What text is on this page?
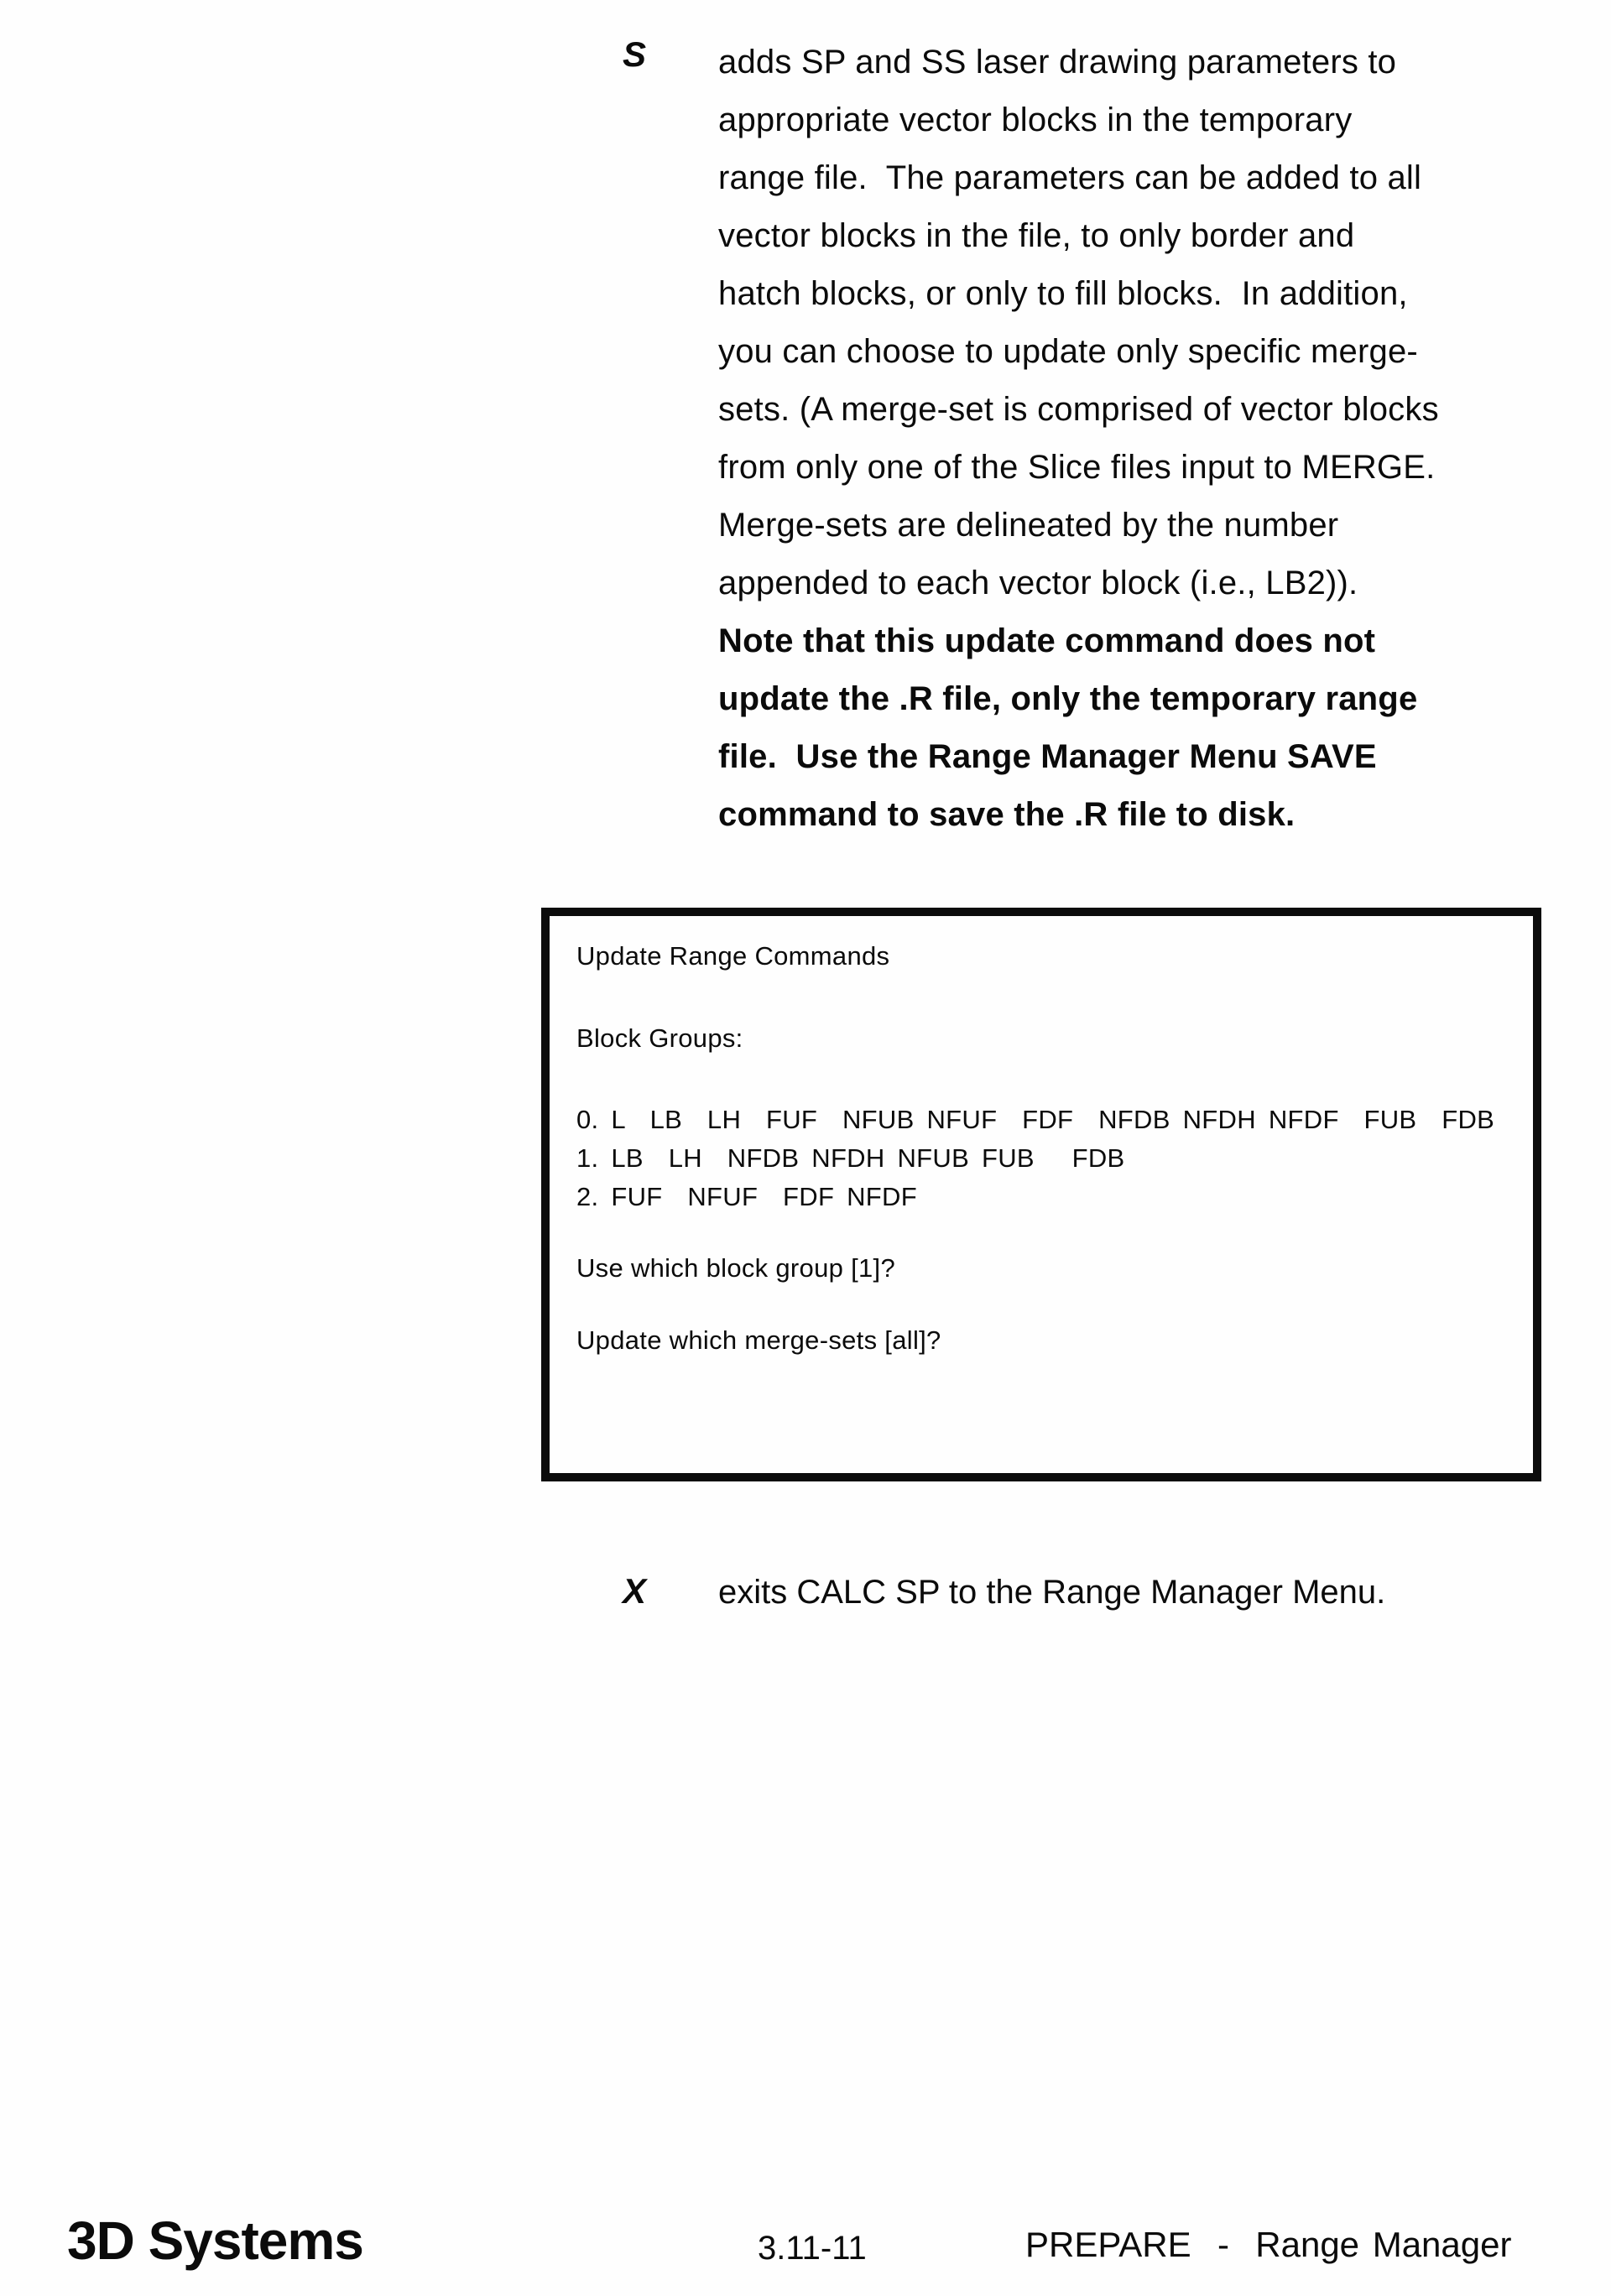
S adds SP and SS laser drawing parameters to
appropriate vector blocks in the temporary
range file.  The parameters can be added to all
vector blocks in the file, to only border and
hatch blocks, or only to fill blocks.  In addition,
you can choose to update only specific merge-
sets. (A merge-set is comprised of vector blocks
from only one of the Slice files input to MERGE.
Merge-sets are delineated by the number
appended to each vector block (i.e., LB2)).
Note that this update command does not
update the .R file, only the temporary range
file.  Use the Range Manager Menu SAVE
command to save the .R file to disk.
Update Range Commands
Block Groups:
0. L  LB  LH  FUF  NFUB NFUF  FDF  NFDB NFDH NFDF  FUB  FDB
1. LB  LH  NFDB NFDH NFUB FUB   FDB
2. FUF  NFUF  FDF NFDF
Use which block group [1]?
Update which merge-sets [all]?
X exits CALC SP to the Range Manager Menu.
3D Systems	3.11-11	PREPARE  -  Range Manager
